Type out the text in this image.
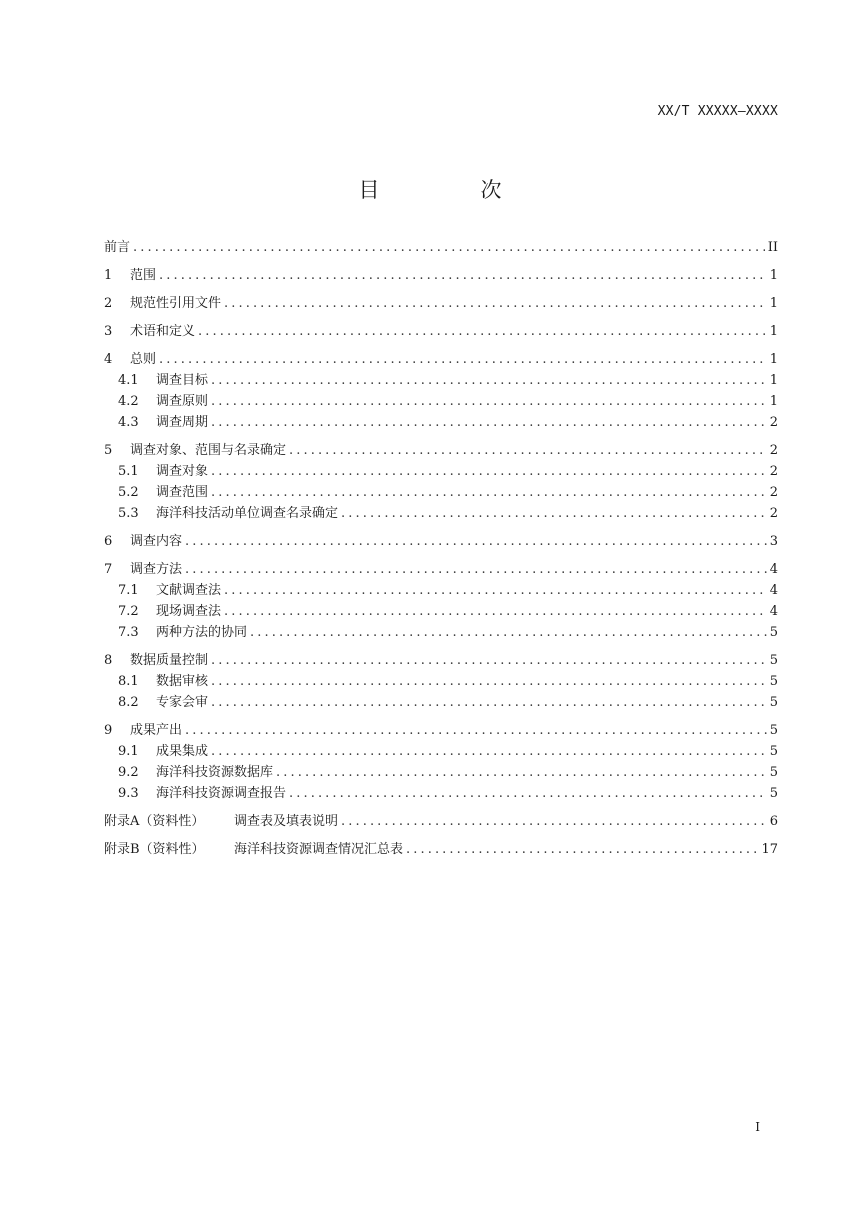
XX/T XXXXX—XXXX
目　次
前言 .....	II
1	范围 .....	1
2	规范性引用文件 .....	1
3	术语和定义 .....	1
4	总则 .....	1
4.1	调查目标 .....	1
4.2	调查原则 .....	1
4.3	调查周期 .....	2
5	调查对象、范围与名录确定 .....	2
5.1	调查对象 .....	2
5.2	调查范围 .....	2
5.3	海洋科技活动单位调查名录确定 .....	2
6	调查内容 .....	3
7	调查方法 .....	4
7.1	文献调查法 .....	4
7.2	现场调查法 .....	4
7.3	两种方法的协同 .....	5
8	数据质量控制 .....	5
8.1	数据审核 .....	5
8.2	专家会审 .....	5
9	成果产出 .....	5
9.1	成果集成 .....	5
9.2	海洋科技资源数据库 .....	5
9.3	海洋科技资源调查报告 .....	5
附录A（资料性）	调查表及填表说明 .....	6
附录B（资料性）	海洋科技资源调查情况汇总表 .....	17
I
